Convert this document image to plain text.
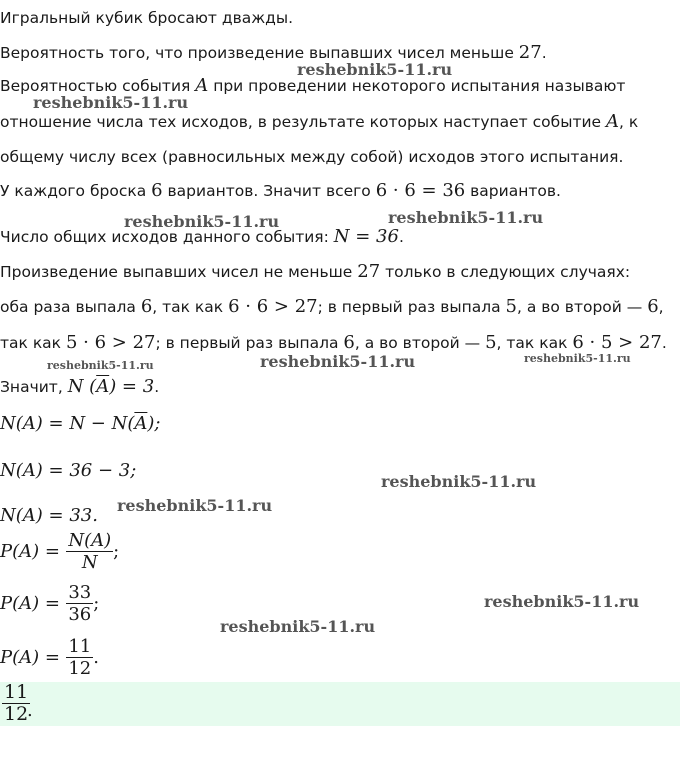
Игральный кубик бросают дважды.
Вероятность того, что произведение выпавших чисел меньше 27.
Вероятностью события A при проведении некоторого испытания называют
отношение числа тех исходов, в результате которых наступает событие A, к
общему числу всех (равносильных между собой) исходов этого испытания.
У каждого броска 6 вариантов. Значит всего 6 · 6 = 36 вариантов.
Число общих исходов данного события: N = 36.
Произведение выпавших чисел не меньше 27 только в следующих случаях:
оба раза выпала 6, так как 6 · 6 > 27; в первый раз выпала 5, а во второй — 6,
так как 5 · 6 > 27; в первый раз выпала 6, а во второй — 5, так как 6 · 5 > 27.
Значит, N $(\overline{A}) = 3$.
$N(A) = N - N(\overline{A})$;
N(A) = 36 − 3;
N(A) = 33.
$P(A) = \frac{N(A)}{N}$ ;
$P(A) = \frac{33}{36}$ ;
$P(A) = \frac{11}{12}$ .
$\frac{11}{12}$
.
reshebnik5-11.ru
reshebnik5-11.ru
reshebnik5-11.ru	reshebnik5-11.ru
reshebnik5-11.ru	reshebnik5-11.ru	reshebnik5-11.ru
reshebnik5-11.ru
reshebnik5-11.ru
reshebnik5-11.ru
reshebnik5-11.ru
